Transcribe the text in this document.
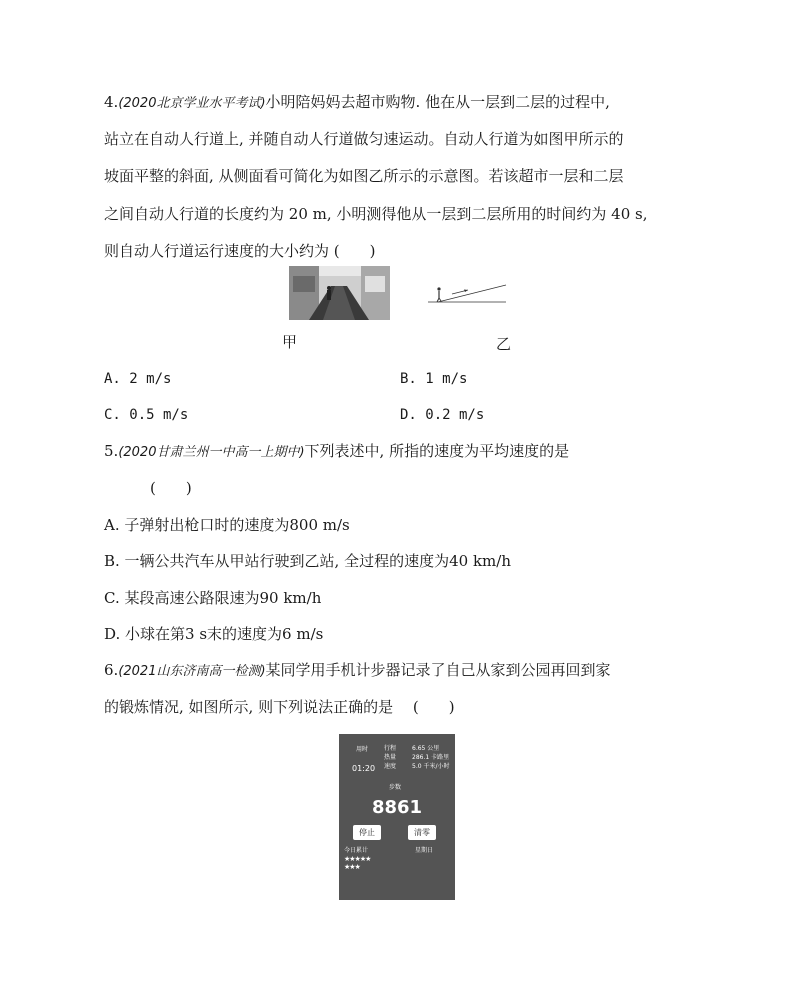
4.(2020北京学业水平考试)小明陪妈妈去超市购物. 他在从一层到二层的过程中,
站立在自动人行道上, 并随自动人行道做匀速运动。自动人行道为如图甲所示的
坡面平整的斜面, 从侧面看可简化为如图乙所示的示意图。若该超市一层和二层
之间自动人行道的长度约为 20 m, 小明测得他从一层到二层所用的时间约为 40 s,
则自动人行道运行速度的大小约为 (　　)
甲	乙
A. 2 m/s	B. 1 m/s
C. 0.5 m/s	D. 0.2 m/s
5.(2020甘肃兰州一中高一上期中)下列表述中, 所指的速度为平均速度的是
(　　)
A. 子弹射出枪口时的速度为800 m/s
B. 一辆公共汽车从甲站行驶到乙站, 全过程的速度为40 km/h
C. 某段高速公路限速为90 km/h
D. 小球在第3 s末的速度为6 m/s
6.(2021山东济南高一检测)某同学用手机计步器记录了自己从家到公园再回到家
的锻炼情况, 如图所示, 则下列说法正确的是　 (　　)
用时
01:20
行程	6.65 公里
热量	286.1 卡路里
速度	5.0 千米/小时
步数
8861
停止	清零
今日累计	星期日
★★★★★
★★★
